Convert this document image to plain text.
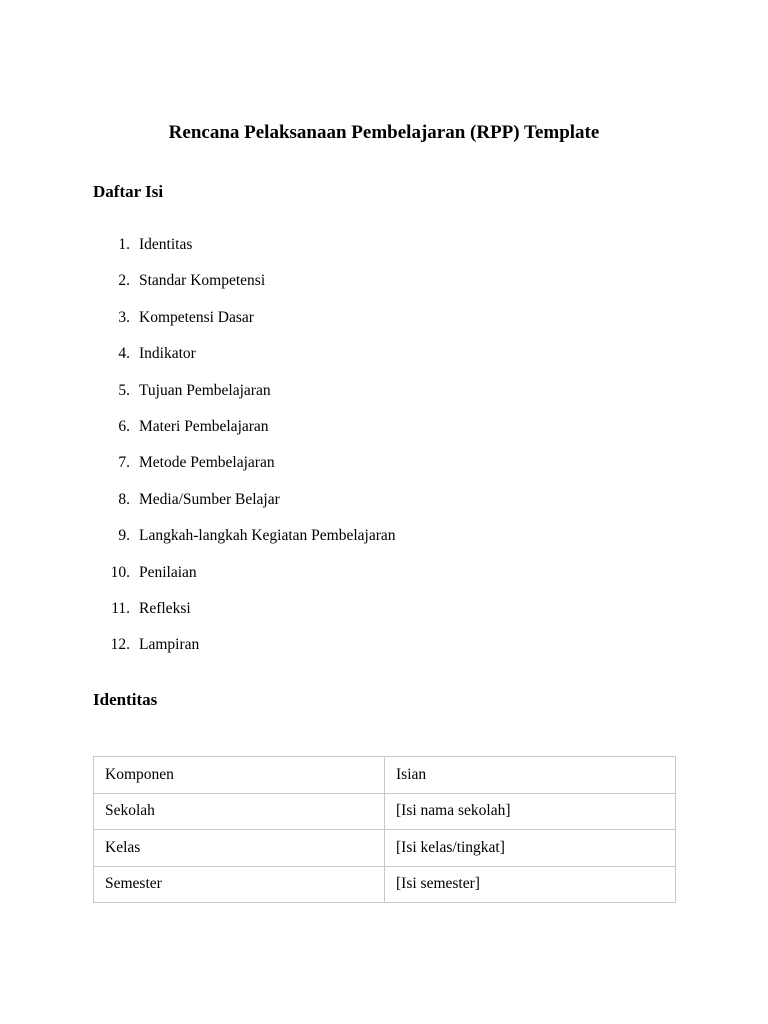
Rencana Pelaksanaan Pembelajaran (RPP) Template
Daftar Isi
1. Identitas
2. Standar Kompetensi
3. Kompetensi Dasar
4. Indikator
5. Tujuan Pembelajaran
6. Materi Pembelajaran
7. Metode Pembelajaran
8. Media/Sumber Belajar
9. Langkah-langkah Kegiatan Pembelajaran
10. Penilaian
11. Refleksi
12. Lampiran
Identitas
Komponen	Isian
Sekolah	[Isi nama sekolah]
Kelas	[Isi kelas/tingkat]
Semester	[Isi semester]
